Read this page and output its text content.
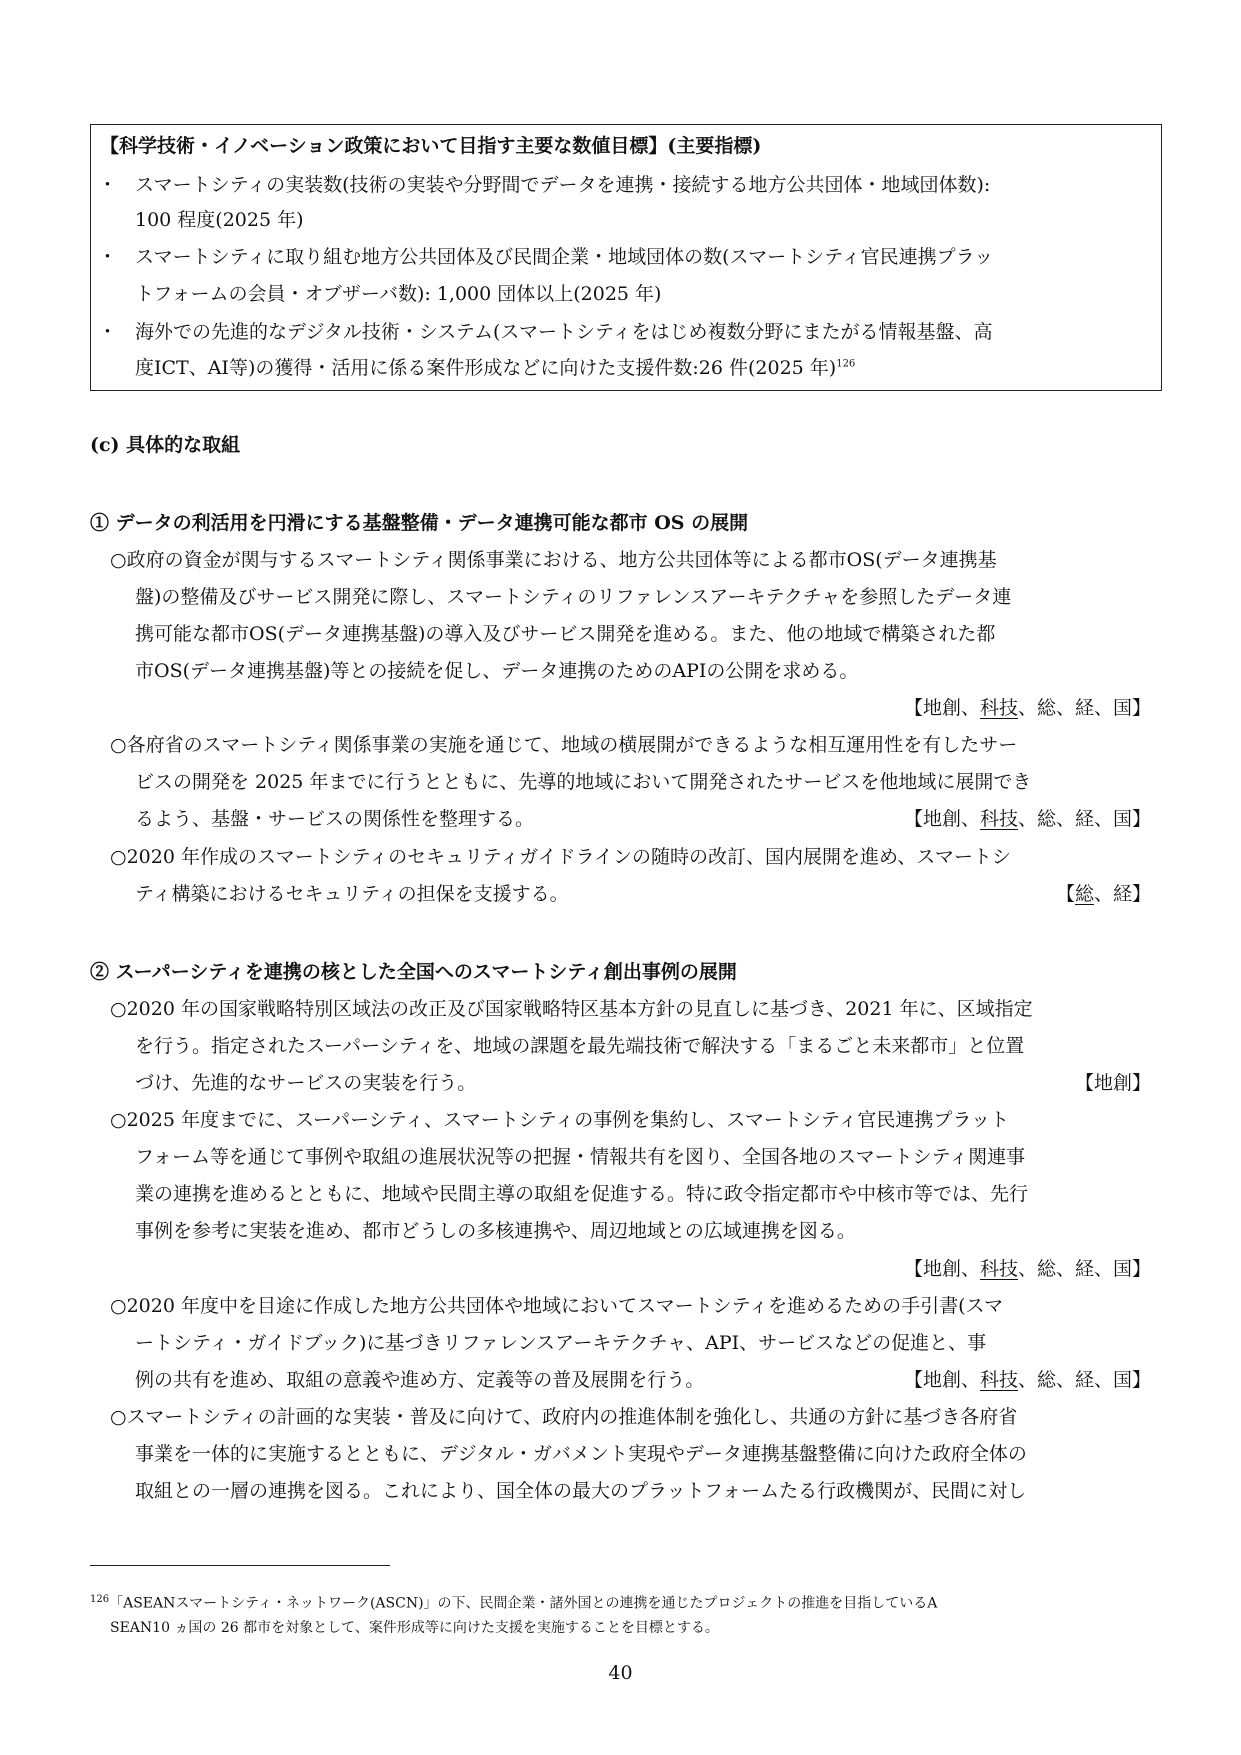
【科学技術・イノベーション政策において目指す主要な数値目標】(主要指標)
・ スマートシティの実装数(技術の実装や分野間でデータを連携・接続する地方公共団体・地域団体数):
100 程度(2025 年)
・ スマートシティに取り組む地方公共団体及び民間企業・地域団体の数(スマートシティ官民連携プラッ
トフォームの会員・オブザーバ数): 1,000 団体以上(2025 年)
・ 海外での先進的なデジタル技術・システム(スマートシティをはじめ複数分野にまたがる情報基盤、高
度ICT、AI等)の獲得・活用に係る案件形成などに向けた支援件数:26 件(2025 年)$^{126}$
(c) 具体的な取組
① データの利活用を円滑にする基盤整備・データ連携可能な都市 OS の展開
○政府の資金が関与するスマートシティ関係事業における、地方公共団体等による都市OS(データ連携基
盤)の整備及びサービス開発に際し、スマートシティのリファレンスアーキテクチャを参照したデータ連
携可能な都市OS(データ連携基盤)の導入及びサービス開発を進める。また、他の地域で構築された都
市OS(データ連携基盤)等との接続を促し、データ連携のためのAPIの公開を求める。
【地創、科技、総、経、国】
○各府省のスマートシティ関係事業の実施を通じて、地域の横展開ができるような相互運用性を有したサー
ビスの開発を 2025 年までに行うとともに、先導的地域において開発されたサービスを他地域に展開でき
るよう、基盤・サービスの関係性を整理する。	【地創、科技、総、経、国】
○2020 年作成のスマートシティのセキュリティガイドラインの随時の改訂、国内展開を進め、スマートシ
ティ構築におけるセキュリティの担保を支援する。	【総、経】
② スーパーシティを連携の核とした全国へのスマートシティ創出事例の展開
○2020 年の国家戦略特別区域法の改正及び国家戦略特区基本方針の見直しに基づき、2021 年に、区域指定
を行う。指定されたスーパーシティを、地域の課題を最先端技術で解決する「まるごと未来都市」と位置
づけ、先進的なサービスの実装を行う。	【地創】
○2025 年度までに、スーパーシティ、スマートシティの事例を集約し、スマートシティ官民連携プラット
フォーム等を通じて事例や取組の進展状況等の把握・情報共有を図り、全国各地のスマートシティ関連事
業の連携を進めるとともに、地域や民間主導の取組を促進する。特に政令指定都市や中核市等では、先行
事例を参考に実装を進め、都市どうしの多核連携や、周辺地域との広域連携を図る。
【地創、科技、総、経、国】
○2020 年度中を目途に作成した地方公共団体や地域においてスマートシティを進めるための手引書(スマ
ートシティ・ガイドブック)に基づきリファレンスアーキテクチャ、API、サービスなどの促進と、事
例の共有を進め、取組の意義や進め方、定義等の普及展開を行う。	【地創、科技、総、経、国】
○スマートシティの計画的な実装・普及に向けて、政府内の推進体制を強化し、共通の方針に基づき各府省
事業を一体的に実施するとともに、デジタル・ガバメント実現やデータ連携基盤整備に向けた政府全体の
取組との一層の連携を図る。これにより、国全体の最大のプラットフォームたる行政機関が、民間に対し
$^{126}$「ASEANスマートシティ・ネットワーク(ASCN)」の下、民間企業・諸外国との連携を通じたプロジェクトの推進を目指しているA
SEAN10 ヵ国の 26 都市を対象として、案件形成等に向けた支援を実施することを目標とする。
40
